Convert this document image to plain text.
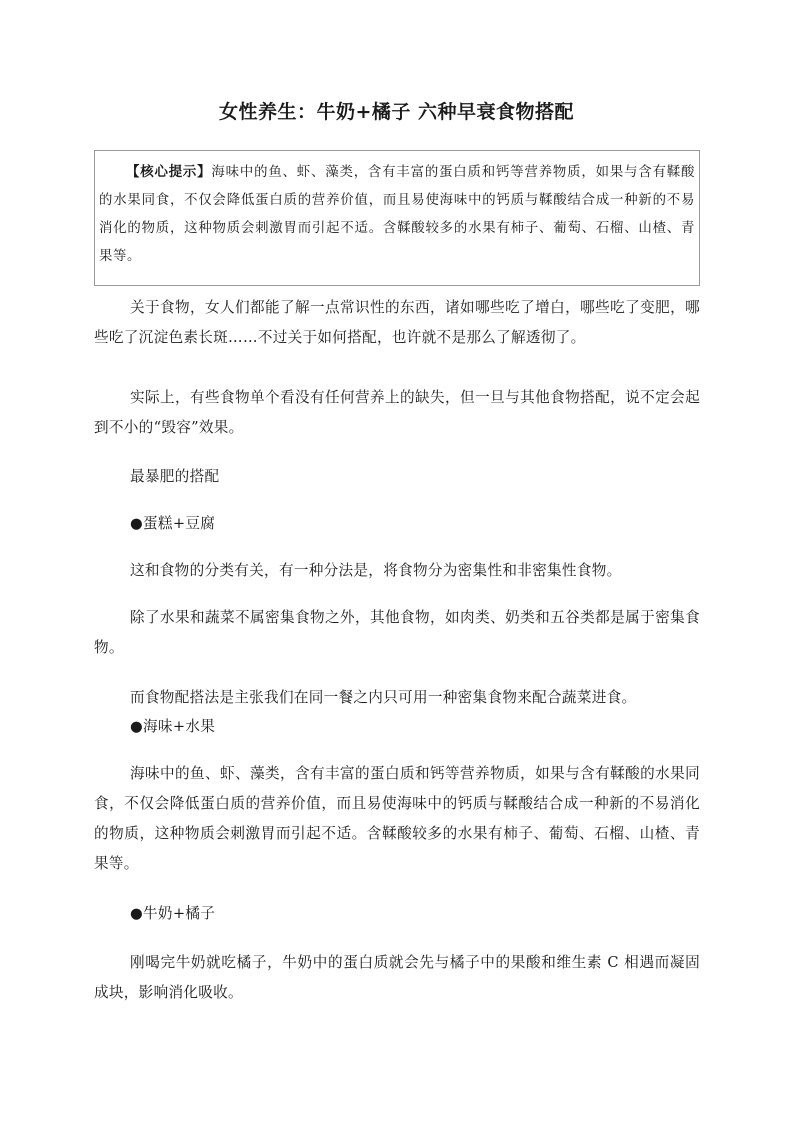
女性养生：牛奶+橘子 六种早衰食物搭配
【核心提示】海味中的鱼、虾、藻类，含有丰富的蛋白质和钙等营养物质，如果与含有鞣酸的水果同食，不仅会降低蛋白质的营养价值，而且易使海味中的钙质与鞣酸结合成一种新的不易消化的物质，这种物质会刺激胃而引起不适。含鞣酸较多的水果有柿子、葡萄、石榴、山楂、青果等。

关于食物，女人们都能了解一点常识性的东西，诸如哪些吃了增白，哪些吃了变肥，哪些吃了沉淀色素长斑……不过关于如何搭配，也许就不是那么了解透彻了。

实际上，有些食物单个看没有任何营养上的缺失，但一旦与其他食物搭配，说不定会起到不小的“毁容”效果。

最暴肥的搭配

●蛋糕+豆腐

这和食物的分类有关，有一种分法是，将食物分为密集性和非密集性食物。

除了水果和蔬菜不属密集食物之外，其他食物，如肉类、奶类和五谷类都是属于密集食物。

而食物配搭法是主张我们在同一餐之内只可用一种密集食物来配合蔬菜进食。

●海味+水果

海味中的鱼、虾、藻类，含有丰富的蛋白质和钙等营养物质，如果与含有鞣酸的水果同食，不仅会降低蛋白质的营养价值，而且易使海味中的钙质与鞣酸结合成一种新的不易消化的物质，这种物质会刺激胃而引起不适。含鞣酸较多的水果有柿子、葡萄、石榴、山楂、青果等。

●牛奶+橘子

刚喝完牛奶就吃橘子，牛奶中的蛋白质就会先与橘子中的果酸和维生素 C 相遇而凝固成块，影响消化吸收。
